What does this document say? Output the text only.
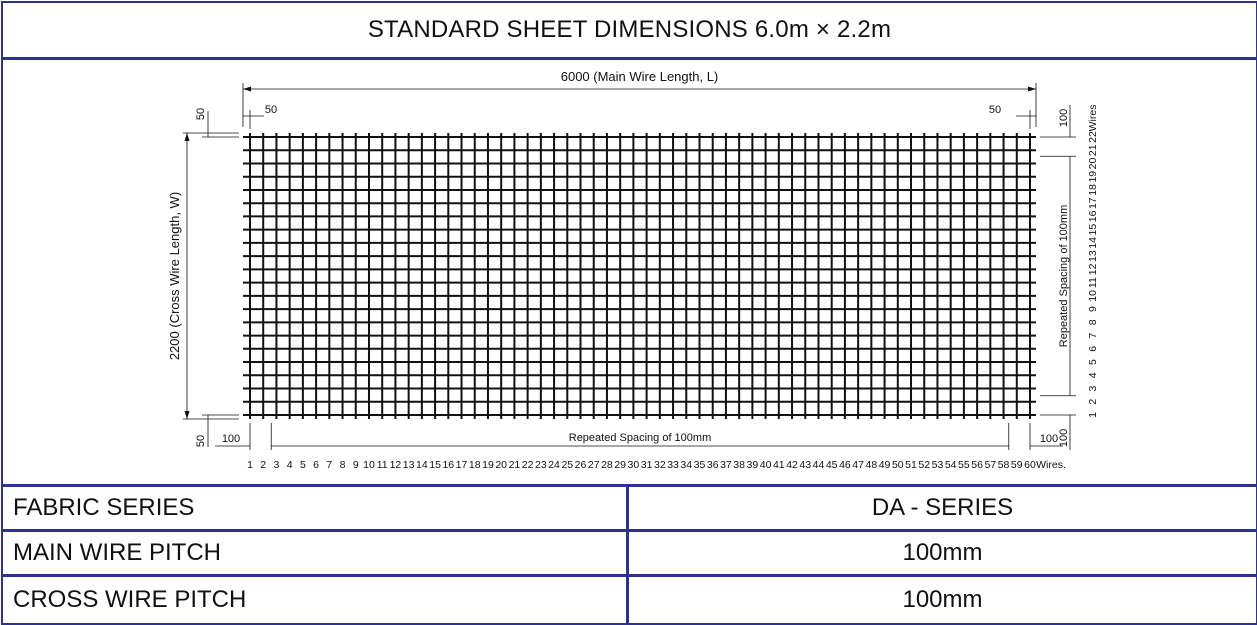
STANDARD SHEET DIMENSIONS 6.0m × 2.2m
6000 (Main Wire Length, L)
50	50
2200 (Cross Wire Length, W)
50
50 100	Repeated Spacing of 100mm	100
1 2 3 4 5 6 7 8 9 10 11 12 13 14 15 16 17 18 19 20 21 22 23 24 25 26 27 28 29 30 31 32 33 34 35 36 37 38 39 40 41 42 43 44 45 46 47 48 49 50 51 52 53 54 55 56 57 58 59 60 Wires.
100
Repeated Spacing of 100mm
100
1
2
3
4
5
6
7
8
9
10
11
12
13
14
15
16
17
18
19
20
21
22
Wires
FABRIC SERIES	DA - SERIES
MAIN WIRE PITCH	100mm
CROSS WIRE PITCH	100mm
